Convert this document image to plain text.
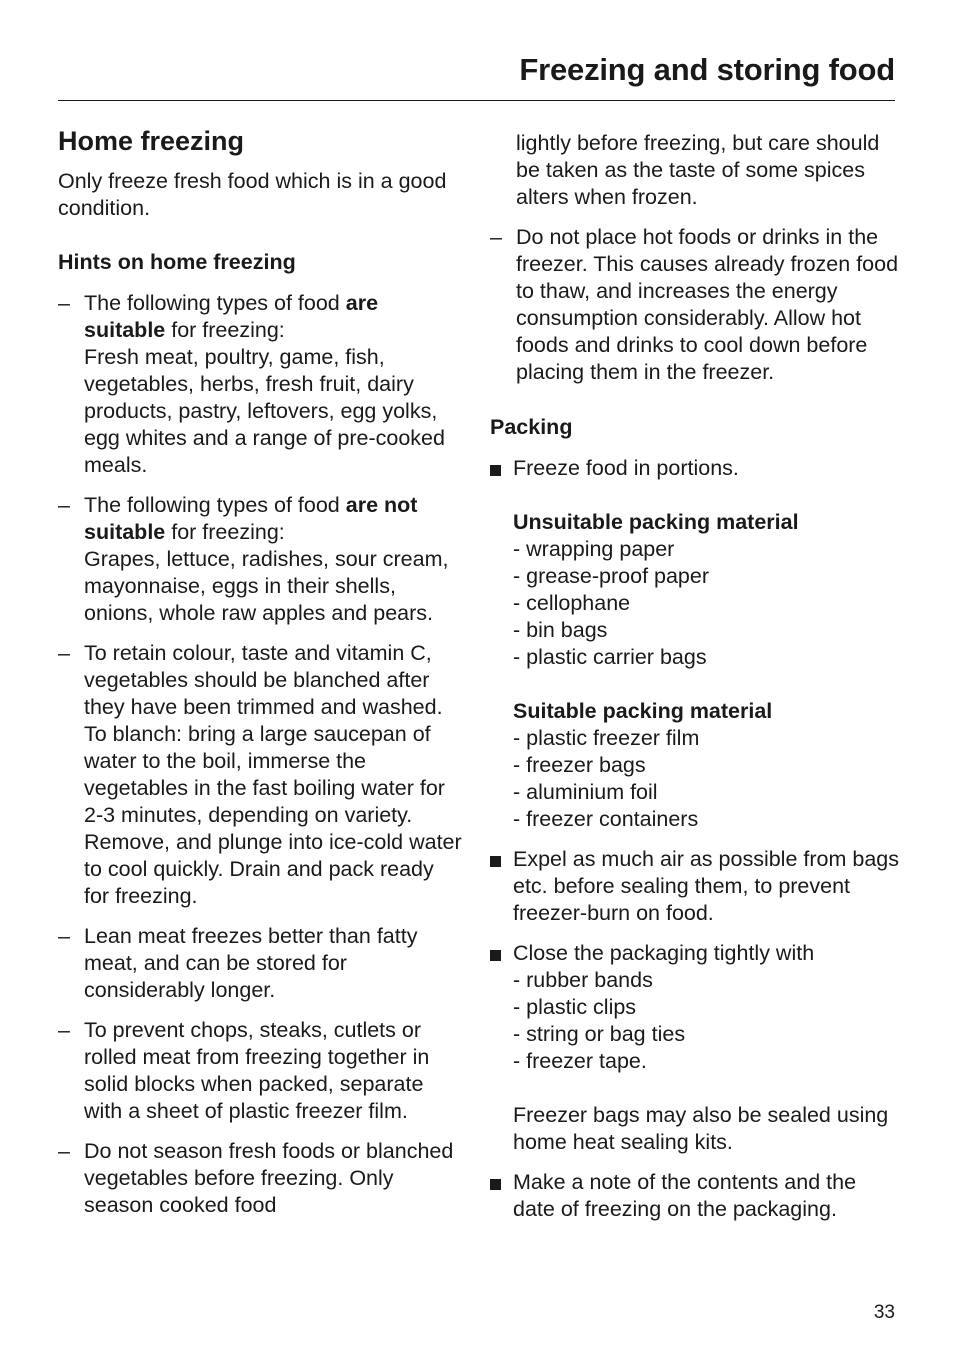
Freezing and storing food
Home freezing
Only freeze fresh food which is in a good condition.
Hints on home freezing
– The following types of food are suitable for freezing:
Fresh meat, poultry, game, fish, vegetables, herbs, fresh fruit, dairy products, pastry, leftovers, egg yolks, egg whites and a range of pre-cooked meals.
– The following types of food are not suitable for freezing:
Grapes, lettuce, radishes, sour cream, mayonnaise, eggs in their shells, onions, whole raw apples and pears.
– To retain colour, taste and vitamin C, vegetables should be blanched after they have been trimmed and washed.
To blanch: bring a large saucepan of water to the boil, immerse the vegetables in the fast boiling water for 2-3 minutes, depending on variety. Remove, and plunge into ice-cold water to cool quickly. Drain and pack ready for freezing.
– Lean meat freezes better than fatty meat, and can be stored for considerably longer.
– To prevent chops, steaks, cutlets or rolled meat from freezing together in solid blocks when packed, separate with a sheet of plastic freezer film.
– Do not season fresh foods or blanched vegetables before freezing. Only season cooked food
lightly before freezing, but care should be taken as the taste of some spices alters when frozen.
– Do not place hot foods or drinks in the freezer. This causes already frozen food to thaw, and increases the energy consumption considerably. Allow hot foods and drinks to cool down before placing them in the freezer.
Packing
Freeze food in portions.
Unsuitable packing material
- wrapping paper
- grease-proof paper
- cellophane
- bin bags
- plastic carrier bags
Suitable packing material
- plastic freezer film
- freezer bags
- aluminium foil
- freezer containers
Expel as much air as possible from bags etc. before sealing them, to prevent freezer-burn on food.
Close the packaging tightly with
- rubber bands
- plastic clips
- string or bag ties
- freezer tape.
Freezer bags may also be sealed using home heat sealing kits.
Make a note of the contents and the date of freezing on the packaging.
33
